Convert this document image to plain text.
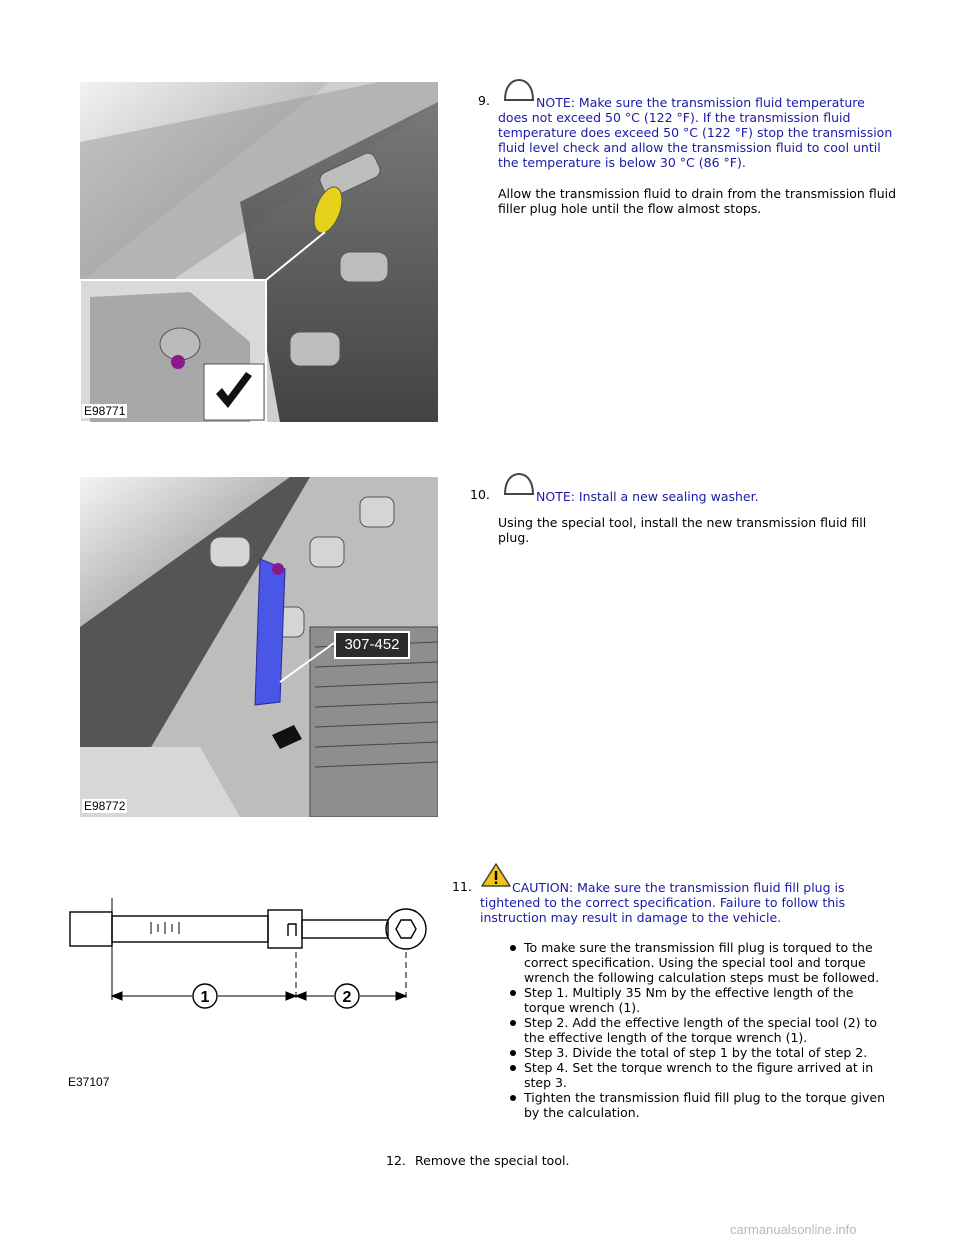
E98771
9.	NOTE: Make sure the transmission fluid temperature does not exceed 50 °C (122 °F). If the transmission fluid temperature does exceed 50 °C (122 °F) stop the transmission fluid level check and allow the transmission fluid to cool until the temperature is below 30 °C (86 °F).

Allow the transmission fluid to drain from the transmission fluid filler plug hole until the flow almost stops.

E98772
307-452
10.	NOTE: Install a new sealing washer.

Using the special tool, install the new transmission fluid fill plug.

1	2
E37107
11.	CAUTION: Make sure the transmission fluid fill plug is tightened to the correct specification. Failure to follow this instruction may result in damage to the vehicle.

To make sure the transmission fill plug is torqued to the correct specification. Using the special tool and torque wrench the following calculation steps must be followed.
Step 1. Multiply 35 Nm by the effective length of the torque wrench (1).
Step 2. Add the effective length of the special tool (2) to the effective length of the torque wrench (1).
Step 3. Divide the total of step 1 by the total of step 2.
Step 4. Set the torque wrench to the figure arrived at in step 3.
Tighten the transmission fluid fill plug to the torque given by the calculation.
12. Remove the special tool.
carmanualsonline.info
